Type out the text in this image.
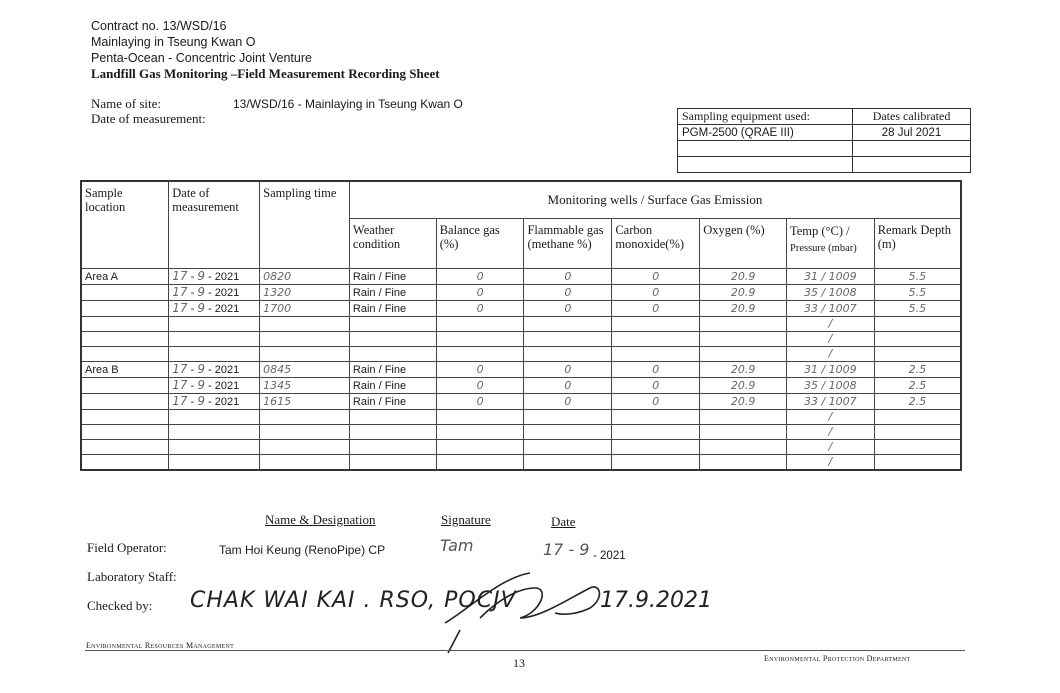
Contract no. 13/WSD/16
Mainlaying in Tseung Kwan O
Penta-Ocean - Concentric Joint Venture
Landfill Gas Monitoring –Field Measurement Recording Sheet
Name of site:	13/WSD/16 - Mainlaying in Tseung Kwan O
Date of measurement:	Sampling equipment used:	Dates calibrated
PGM-2500 (QRAE III)	28 Jul 2021

Sample location	Date of measurement	Sampling time	Monitoring wells / Surface Gas Emission						
			Weather condition	Balance gas (%)	Flammable gas (methane %)	Carbon monoxide(%)	Oxygen (%)	Temp (°C) /
Pressure (mbar)	Remark Depth (m)
Area A	17 - 9 - 2021	0820	Rain / Fine	0	0	0	20.9	31 / 1009	5.5
	17 - 9 - 2021	1320	Rain / Fine	0	0	0	20.9	35 / 1008	5.5
	17 - 9 - 2021	1700	Rain / Fine	0	0	0	20.9	33 / 1007	5.5
								/	
								/	
								/	
Area B	17 - 9 - 2021	0845	Rain / Fine	0	0	0	20.9	31 / 1009	2.5
	17 - 9 - 2021	1345	Rain / Fine	0	0	0	20.9	35 / 1008	2.5
	17 - 9 - 2021	1615	Rain / Fine	0	0	0	20.9	33 / 1007	2.5
								/	
								/	
								/	
								/	
Name & Designation	Signature	Date
Field Operator:	Tam Hoi Keung (RenoPipe) CP	Tam	17 - 9 - 2021
Laboratory Staff:
Checked by: CHAK WAI KAI . RSO, POCJV	17.9.2021
Environmental Resources Management
13	Environmental Protection Department
